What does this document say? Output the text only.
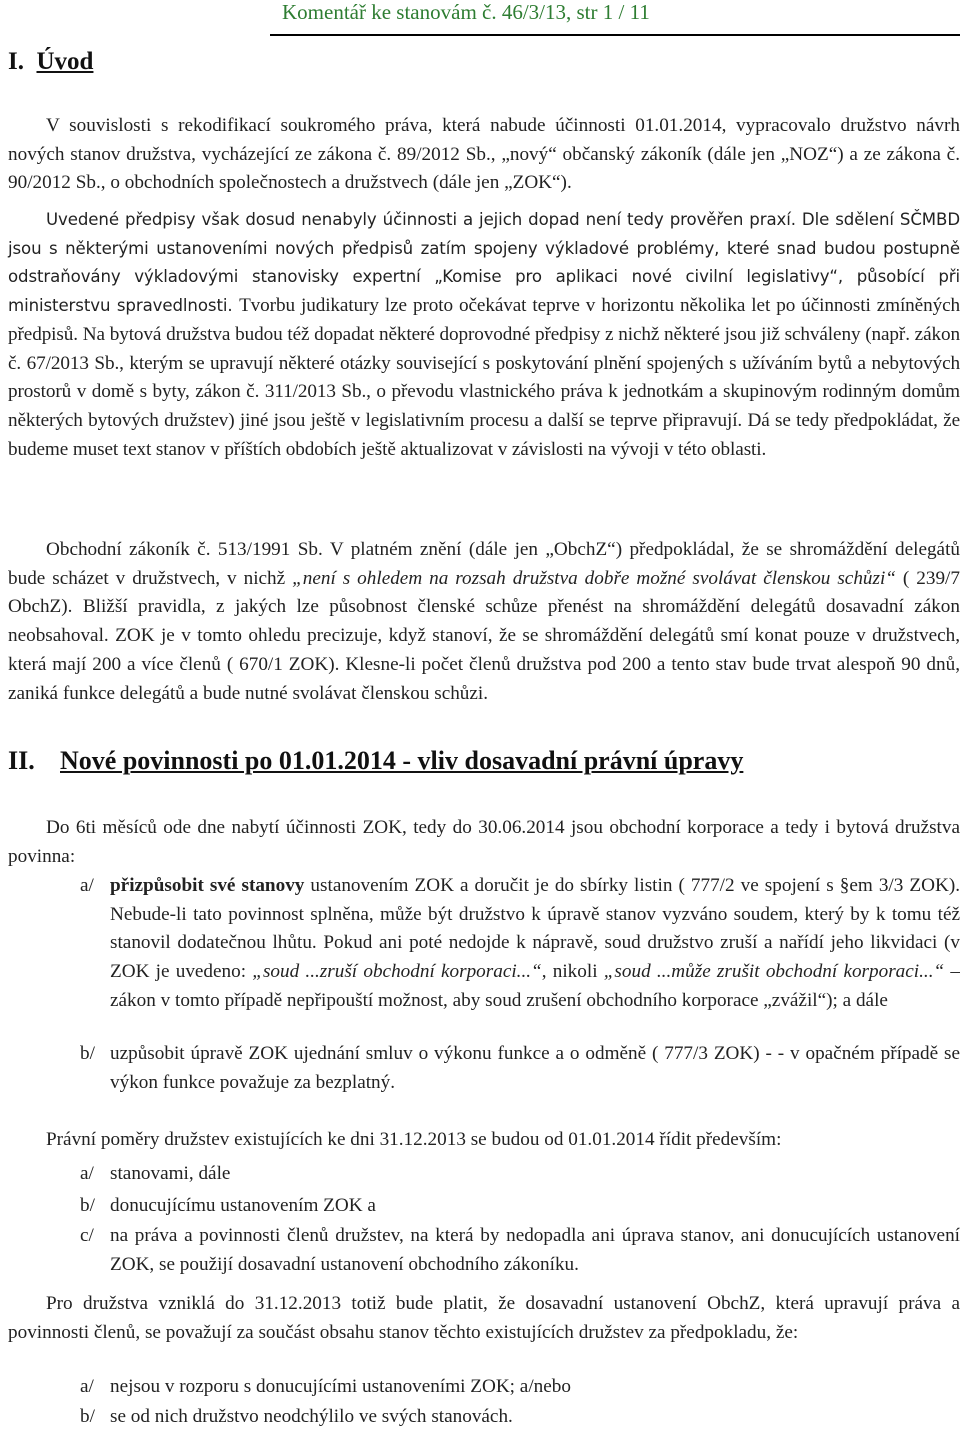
Komentář ke stanovám č. 46/3/13, str 1 / 11
I. Úvod
V souvislosti s rekodifikací soukromého práva, která nabude účinnosti 01.01.2014, vypracovalo družstvo návrh nových stanov družstva, vycházející ze zákona č. 89/2012 Sb., „nový“ občanský zákoník (dále jen „NOZ“) a ze zákona č. 90/2012 Sb., o obchodních společnostech a družstvech (dále jen „ZOK“).
Uvedené předpisy však dosud nenabyly účinnosti a jejich dopad není tedy prověřen praxí. Dle sdělení SČMBD jsou s některými ustanoveními nových předpisů zatím spojeny výkladové problémy, které snad budou postupně odstraňovány výkladovými stanovisky expertní „Komise pro aplikaci nové civilní legislativy“, působící při ministerstvu spravedlnosti. Tvorbu judikatury lze proto očekávat teprve v horizontu několika let po účinnosti zmíněných předpisů. Na bytová družstva budou též dopadat některé doprovodné předpisy z nichž některé jsou již schváleny (např. zákon č. 67/2013 Sb., kterým se upravují některé otázky související s poskytování plnění spojených s užíváním bytů a nebytových prostorů v domě s byty, zákon č. 311/2013 Sb., o převodu vlastnického práva k jednotkám a skupinovým rodinným domům některých bytových družstev) jiné jsou ještě v legislativním procesu a další se teprve připravují. Dá se tedy předpokládat, že budeme muset text stanov v příštích obdobích ještě aktualizovat v závislosti na vývoji v této oblasti.
Obchodní zákoník č. 513/1991 Sb. V platném znění (dále jen „ObchZ“) předpokládal, že se shromáždění delegátů bude scházet v družstvech, v nichž „není s ohledem na rozsah družstva dobře možné svolávat členskou schůzi“ ( 239/7 ObchZ). Bližší pravidla, z jakých lze působnost členské schůze přenést na shromáždění delegátů dosavadní zákon neobsahoval. ZOK je v tomto ohledu precizuje, když stanoví, že se shromáždění delegátů smí konat pouze v družstvech, která mají 200 a více členů ( 670/1 ZOK). Klesne-li počet členů družstva pod 200 a tento stav bude trvat alespoň 90 dnů, zaniká funkce delegátů a bude nutné svolávat členskou schůzi.
II. Nové povinnosti po 01.01.2014 - vliv dosavadní právní úpravy
Do 6ti měsíců ode dne nabytí účinnosti ZOK, tedy do 30.06.2014 jsou obchodní korporace a tedy i bytová družstva povinna:
a/ přizpůsobit své stanovy ustanovením ZOK a doručit je do sbírky listin ( 777/2 ve spojení s §em 3/3 ZOK). Nebude-li tato povinnost splněna, může být družstvo k úpravě stanov vyzváno soudem, který by k tomu též stanovil dodatečnou lhůtu. Pokud ani poté nedojde k nápravě, soud družstvo zruší a nařídí jeho likvidaci (v ZOK je uvedeno: „soud ...zruší obchodní korporaci...“, nikoli „soud ...může zrušit obchodní korporaci...“ – zákon v tomto případě nepřipouští možnost, aby soud zrušení obchodního korporace „zvážil“); a dále
b/ uzpůsobit úpravě ZOK ujednání smluv o výkonu funkce a o odměně ( 777/3 ZOK) - - v opačném případě se výkon funkce považuje za bezplatný.
Právní poměry družstev existujících ke dni 31.12.2013 se budou od 01.01.2014 řídit především:
a/ stanovami, dále
b/ donucujícímu ustanovením ZOK a
c/ na práva a povinnosti členů družstev, na která by nedopadla ani úprava stanov, ani donucujících ustanovení ZOK, se použijí dosavadní ustanovení obchodního zákoníku.
Pro družstva vzniklá do 31.12.2013 totiž bude platit, že dosavadní ustanovení ObchZ, která upravují práva a povinnosti členů, se považují za součást obsahu stanov těchto existujících družstev za předpokladu, že:
a/ nejsou v rozporu s donucujícími ustanoveními ZOK; a/nebo
b/ se od nich družstvo neodchýlilo ve svých stanovách.
